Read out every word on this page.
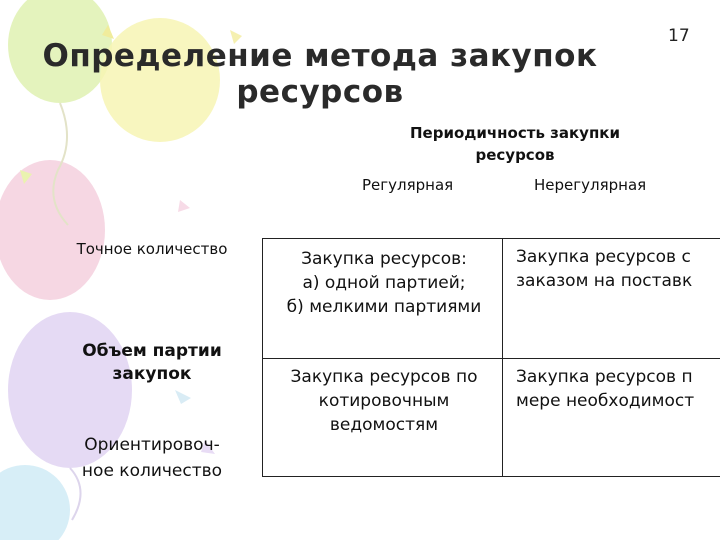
Определение метода закупок
ресурсов
17
Периодичность закупки
ресурсов
Регулярная	Нерегулярная
Точное количество
Объем партии
закупок
Ориентировоч-
ное количество
Закупка ресурсов:
а) одной партией;
б) мелкими партиями
Закупка ресурсов с
заказом на поставк
Закупка ресурсов по
котировочным
ведомостям
Закупка ресурсов п
мере необходимост
